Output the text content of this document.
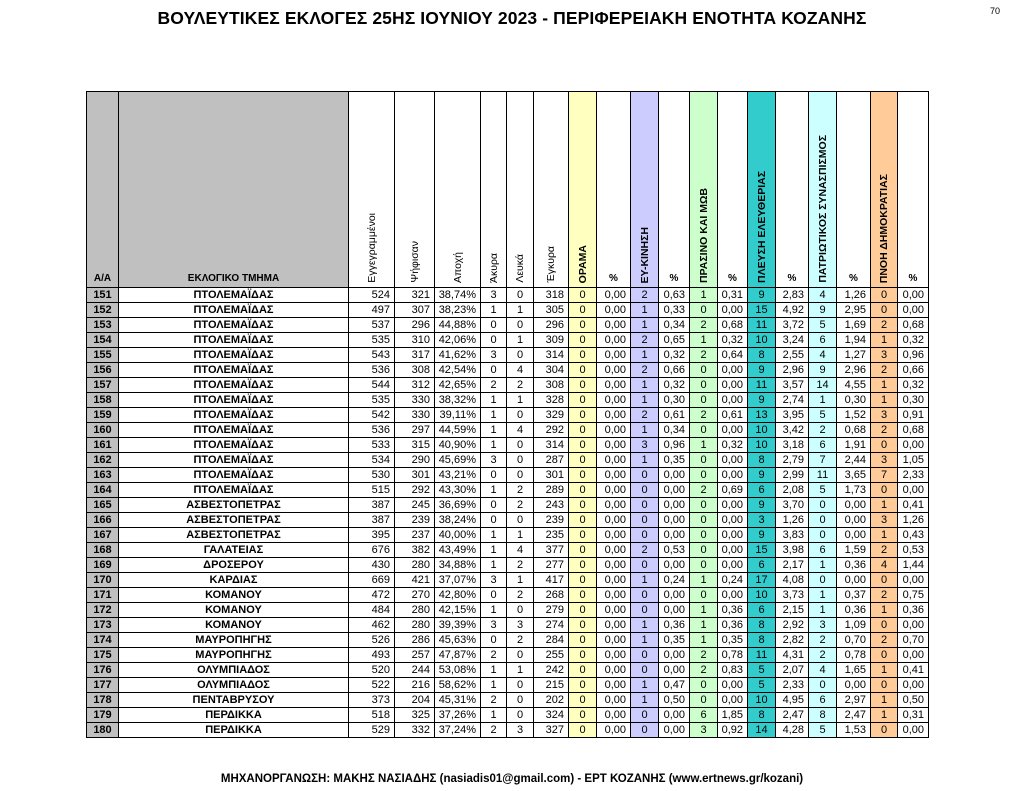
70
ΒΟΥΛΕΥΤΙΚΕΣ ΕΚΛΟΓΕΣ 25ΗΣ ΙΟΥΝΙΟΥ 2023 - ΠΕΡΙΦΕΡΕΙΑΚΗ ΕΝΟΤΗΤΑ ΚΟΖΑΝΗΣ
Α/Α	ΕΚΛΟΓΙΚΟ ΤΜΗΜΑ	Εγγεγραμμένοι	Ψήφισαν	Αποχή	Άκυρα	Λευκά	Έγκυρα	ΟΡΑΜΑ	%	ΕΥ-ΚΙΝΗΣΗ	%	ΠΡΑΣΙΝΟ ΚΑΙ ΜΩΒ	%	ΠΛΕΥΣΗ ΕΛΕΥΘΕΡΙΑΣ	%	ΠΑΤΡΙΩΤΙΚΟΣ ΣΥΝΑΣΠΙΣΜΟΣ	%	ΠΝΟΗ ΔΗΜΟΚΡΑΤΙΑΣ	%

151	ΠΤΟΛΕΜΑΪΔΑΣ	524	321	38,74%	3	0	318	0	0,00	2	0,63	1	0,31	9	2,83	4	1,26	0	0,00
152	ΠΤΟΛΕΜΑΪΔΑΣ	497	307	38,23%	1	1	305	0	0,00	1	0,33	0	0,00	15	4,92	9	2,95	0	0,00
153	ΠΤΟΛΕΜΑΪΔΑΣ	537	296	44,88%	0	0	296	0	0,00	1	0,34	2	0,68	11	3,72	5	1,69	2	0,68
154	ΠΤΟΛΕΜΑΪΔΑΣ	535	310	42,06%	0	1	309	0	0,00	2	0,65	1	0,32	10	3,24	6	1,94	1	0,32
155	ΠΤΟΛΕΜΑΪΔΑΣ	543	317	41,62%	3	0	314	0	0,00	1	0,32	2	0,64	8	2,55	4	1,27	3	0,96
156	ΠΤΟΛΕΜΑΪΔΑΣ	536	308	42,54%	0	4	304	0	0,00	2	0,66	0	0,00	9	2,96	9	2,96	2	0,66
157	ΠΤΟΛΕΜΑΪΔΑΣ	544	312	42,65%	2	2	308	0	0,00	1	0,32	0	0,00	11	3,57	14	4,55	1	0,32
158	ΠΤΟΛΕΜΑΪΔΑΣ	535	330	38,32%	1	1	328	0	0,00	1	0,30	0	0,00	9	2,74	1	0,30	1	0,30
159	ΠΤΟΛΕΜΑΪΔΑΣ	542	330	39,11%	1	0	329	0	0,00	2	0,61	2	0,61	13	3,95	5	1,52	3	0,91
160	ΠΤΟΛΕΜΑΪΔΑΣ	536	297	44,59%	1	4	292	0	0,00	1	0,34	0	0,00	10	3,42	2	0,68	2	0,68
161	ΠΤΟΛΕΜΑΪΔΑΣ	533	315	40,90%	1	0	314	0	0,00	3	0,96	1	0,32	10	3,18	6	1,91	0	0,00
162	ΠΤΟΛΕΜΑΪΔΑΣ	534	290	45,69%	3	0	287	0	0,00	1	0,35	0	0,00	8	2,79	7	2,44	3	1,05
163	ΠΤΟΛΕΜΑΪΔΑΣ	530	301	43,21%	0	0	301	0	0,00	0	0,00	0	0,00	9	2,99	11	3,65	7	2,33
164	ΠΤΟΛΕΜΑΪΔΑΣ	515	292	43,30%	1	2	289	0	0,00	0	0,00	2	0,69	6	2,08	5	1,73	0	0,00
165	ΑΣΒΕΣΤΟΠΕΤΡΑΣ	387	245	36,69%	0	2	243	0	0,00	0	0,00	0	0,00	9	3,70	0	0,00	1	0,41
166	ΑΣΒΕΣΤΟΠΕΤΡΑΣ	387	239	38,24%	0	0	239	0	0,00	0	0,00	0	0,00	3	1,26	0	0,00	3	1,26
167	ΑΣΒΕΣΤΟΠΕΤΡΑΣ	395	237	40,00%	1	1	235	0	0,00	0	0,00	0	0,00	9	3,83	0	0,00	1	0,43
168	ΓΑΛΑΤΕΙΑΣ	676	382	43,49%	1	4	377	0	0,00	2	0,53	0	0,00	15	3,98	6	1,59	2	0,53
169	ΔΡΟΣΕΡΟΥ	430	280	34,88%	1	2	277	0	0,00	0	0,00	0	0,00	6	2,17	1	0,36	4	1,44
170	ΚΑΡΔΙΑΣ	669	421	37,07%	3	1	417	0	0,00	1	0,24	1	0,24	17	4,08	0	0,00	0	0,00
171	ΚΟΜΑΝΟΥ	472	270	42,80%	0	2	268	0	0,00	0	0,00	0	0,00	10	3,73	1	0,37	2	0,75
172	ΚΟΜΑΝΟΥ	484	280	42,15%	1	0	279	0	0,00	0	0,00	1	0,36	6	2,15	1	0,36	1	0,36
173	ΚΟΜΑΝΟΥ	462	280	39,39%	3	3	274	0	0,00	1	0,36	1	0,36	8	2,92	3	1,09	0	0,00
174	ΜΑΥΡΟΠΗΓΗΣ	526	286	45,63%	0	2	284	0	0,00	1	0,35	1	0,35	8	2,82	2	0,70	2	0,70
175	ΜΑΥΡΟΠΗΓΗΣ	493	257	47,87%	2	0	255	0	0,00	0	0,00	2	0,78	11	4,31	2	0,78	0	0,00
176	ΟΛΥΜΠΙΑΔΟΣ	520	244	53,08%	1	1	242	0	0,00	0	0,00	2	0,83	5	2,07	4	1,65	1	0,41
177	ΟΛΥΜΠΙΑΔΟΣ	522	216	58,62%	1	0	215	0	0,00	1	0,47	0	0,00	5	2,33	0	0,00	0	0,00
178	ΠΕΝΤΑΒΡΥΣΟΥ	373	204	45,31%	2	0	202	0	0,00	1	0,50	0	0,00	10	4,95	6	2,97	1	0,50
179	ΠΕΡΔΙΚΚΑ	518	325	37,26%	1	0	324	0	0,00	0	0,00	6	1,85	8	2,47	8	2,47	1	0,31
180	ΠΕΡΔΙΚΚΑ	529	332	37,24%	2	3	327	0	0,00	0	0,00	3	0,92	14	4,28	5	1,53	0	0,00
ΜΗΧΑΝΟΡΓΑΝΩΣΗ: ΜΑΚΗΣ ΝΑΣΙΑΔΗΣ (nasiadis01@gmail.com) - ΕΡΤ ΚΟΖΑΝΗΣ (www.ertnews.gr/kozani)
